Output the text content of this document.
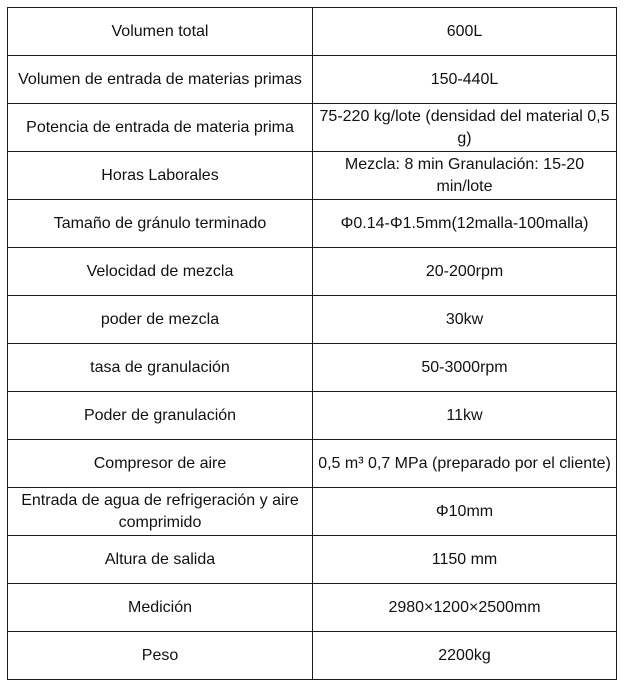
Volumen total	600L
Volumen de entrada de materias primas	150-440L
Potencia de entrada de materia prima	75-220 kg/lote (densidad del material 0,5 g)
Horas Laborales	Mezcla: 8 min Granulación: 15-20 min/lote
Tamaño de gránulo terminado	Φ0.14-Φ1.5mm(12malla-100malla)
Velocidad de mezcla	20-200rpm
poder de mezcla	30kw
tasa de granulación	50-3000rpm
Poder de granulación	11kw
Compresor de aire	0,5 m³ 0,7 MPa (preparado por el cliente)
Entrada de agua de refrigeración y aire comprimido	Φ10mm
Altura de salida	1150 mm
Medición	2980×1200×2500mm
Peso	2200kg
